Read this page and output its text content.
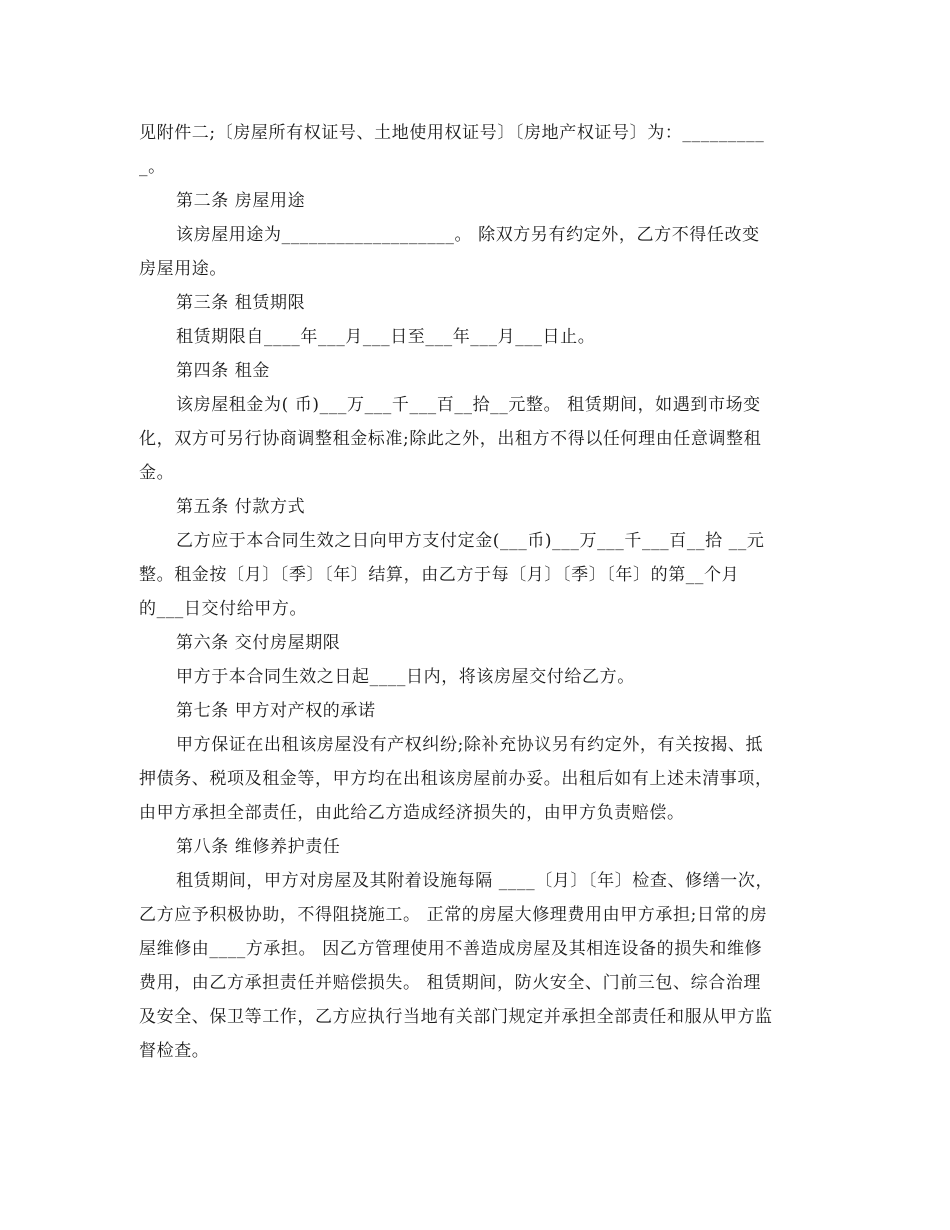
见附件二;〔房屋所有权证号、土地使用权证号〕〔房地产权证号〕为：_________
_。
第二条 房屋用途
该房屋用途为___________________。 除双方另有约定外，乙方不得任改变
房屋用途。
第三条 租赁期限
租赁期限自____年___月___日至___年___月___日止。
第四条 租金
该房屋租金为( 币)___万___千___百__拾__元整。 租赁期间，如遇到市场变
化，双方可另行协商调整租金标准;除此之外，出租方不得以任何理由任意调整租
金。
第五条 付款方式
乙方应于本合同生效之日向甲方支付定金(___币)___万___千___百__拾 __元
整。租金按〔月〕〔季〕〔年〕结算，由乙方于每〔月〕〔季〕〔年〕的第__个月
的___日交付给甲方。
第六条 交付房屋期限
甲方于本合同生效之日起____日内，将该房屋交付给乙方。
第七条 甲方对产权的承诺
甲方保证在出租该房屋没有产权纠纷;除补充协议另有约定外，有关按揭、抵
押债务、税项及租金等，甲方均在出租该房屋前办妥。出租后如有上述未清事项，
由甲方承担全部责任，由此给乙方造成经济损失的，由甲方负责赔偿。
第八条 维修养护责任
租赁期间，甲方对房屋及其附着设施每隔 ____〔月〕〔年〕检查、修缮一次，
乙方应予积极协助，不得阻挠施工。 正常的房屋大修理费用由甲方承担;日常的房
屋维修由____方承担。 因乙方管理使用不善造成房屋及其相连设备的损失和维修
费用，由乙方承担责任并赔偿损失。 租赁期间，防火安全、门前三包、综合治理
及安全、保卫等工作，乙方应执行当地有关部门规定并承担全部责任和服从甲方监
督检查。
